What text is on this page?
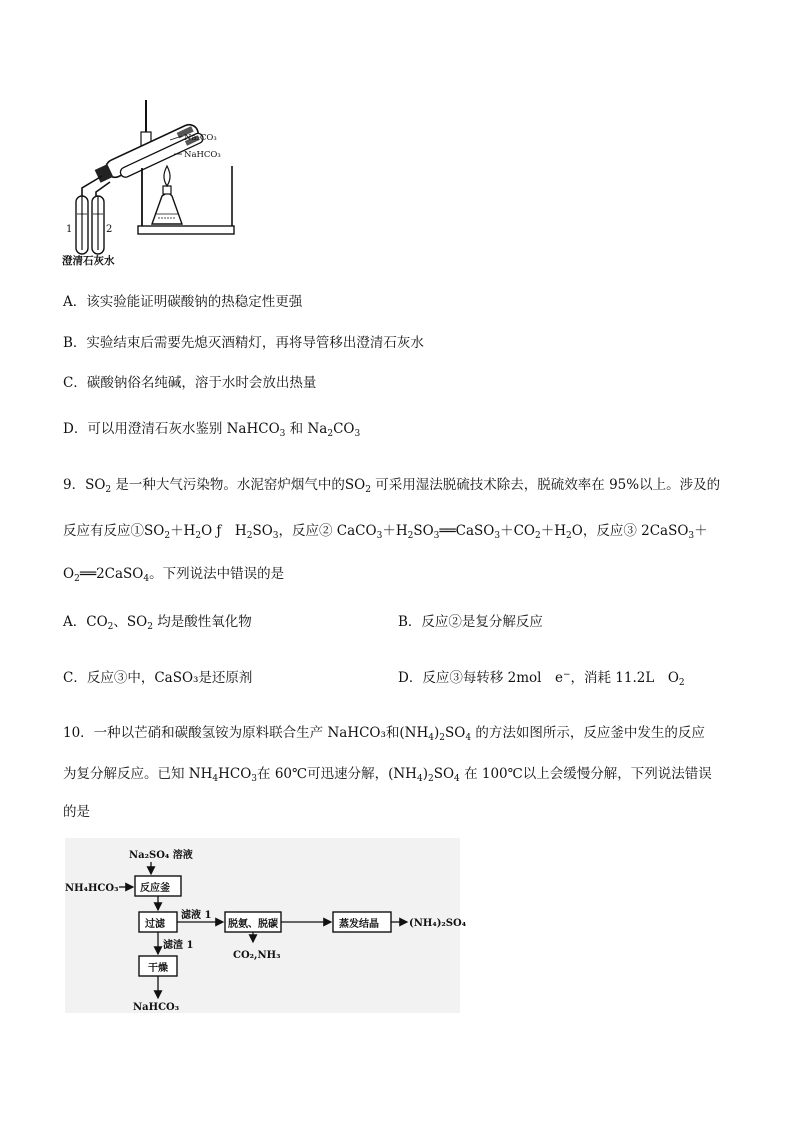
1	2
Na₂CO₃
NaHCO₃
澄清石灰水
A．该实验能证明碳酸钠的热稳定性更强
B．实验结束后需要先熄灭酒精灯，再将导管移出澄清石灰水
C．碳酸钠俗名纯碱，溶于水时会放出热量
D．可以用澄清石灰水鉴别 NaHCO$_3$ 和 $Na_2CO_3$
9．$SO_2$ 是一种大气污染物。水泥窑炉烟气中的$SO_2$ 可采用湿法脱硫技术除去，脱硫效率在 95%以上。涉及的
反应有反应$①SO_2+H_2O$ ƒ　$H_2SO_3$，反应② $CaCO_3+H_2SO_3══CaSO_3+CO_2+H_2O$，反应③ 2CaSO$_3$＋
$O_2══2CaSO_4$。下列说法中错误的是
A．$CO_2$、$SO_2$ 均是酸性氧化物	B．反应②是复分解反应
C．反应③中，CaSO₃是还原剂	D．反应③每转移 2mol　e−，消耗 11.2L　$O_2$
10．一种以芒硝和碳酸氢铵为原料联合生产 NaHCO₃和$(NH_4)_2SO_4$ 的方法如图所示，反应釜中发生的反应
为复分解反应。已知 $NH_4HCO_3$在 60℃可迅速分解，$(NH_4)_2SO_4$ 在 100℃以上会缓慢分解，下列说法错误
的是
Na₂SO₄ 溶液
NH₄HCO₃ 反应釜
过滤
滤液 1
脱氨、脱碳
CO₂,NH₃
蒸发结晶	(NH₄)₂SO₄
滤渣 1
干燥
NaHCO₃
